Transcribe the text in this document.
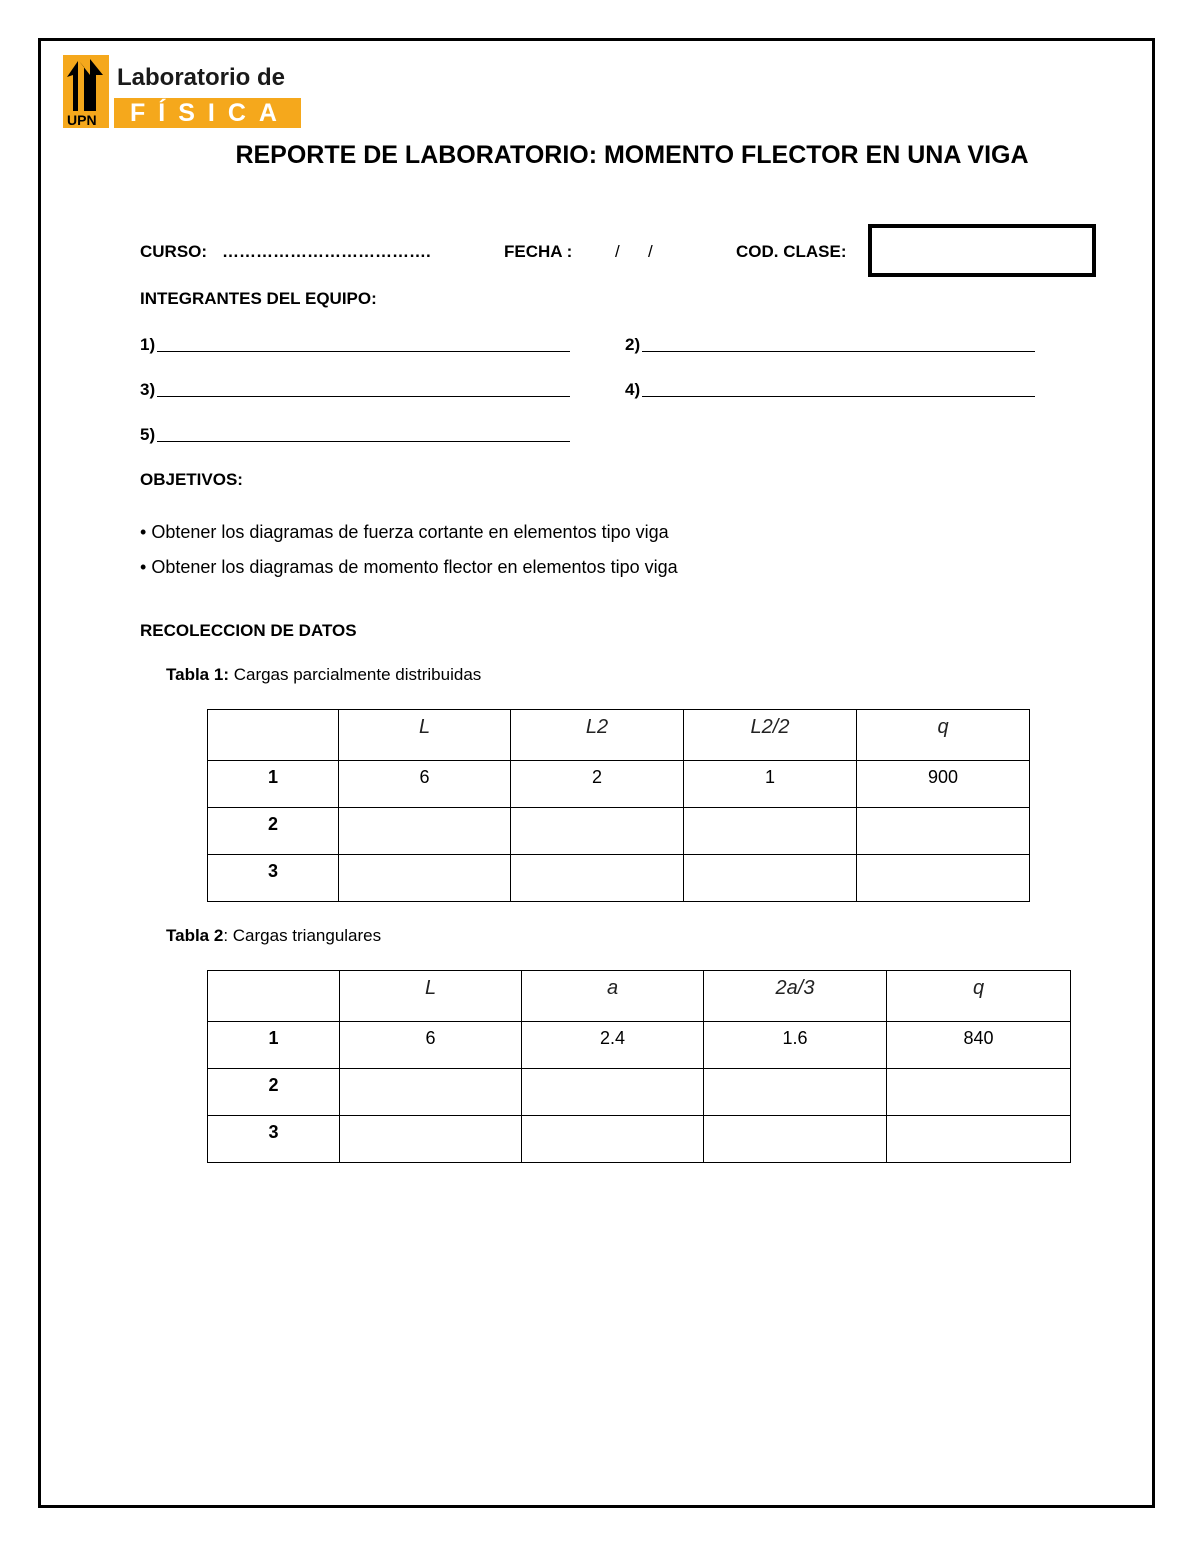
UPN
Laboratorio de
FÍSICA
REPORTE DE LABORATORIO: MOMENTO FLECTOR EN UNA VIGA
CURSO: ……………………………….	FECHA :	/      /	COD. CLASE:
INTEGRANTES DEL EQUIPO:
1)	2)
3)	4)
5)
OBJETIVOS:
• Obtener los diagramas de fuerza cortante en elementos tipo viga
• Obtener los diagramas de momento flector en elementos tipo viga
RECOLECCION DE DATOS
Tabla 1: Cargas parcialmente distribuidas
	L	L2	L2/2	q
1	6	2	1	900
2				
3				
Tabla 2: Cargas triangulares
	L	a	2a/3	q
1	6	2.4	1.6	840
2				
3				
